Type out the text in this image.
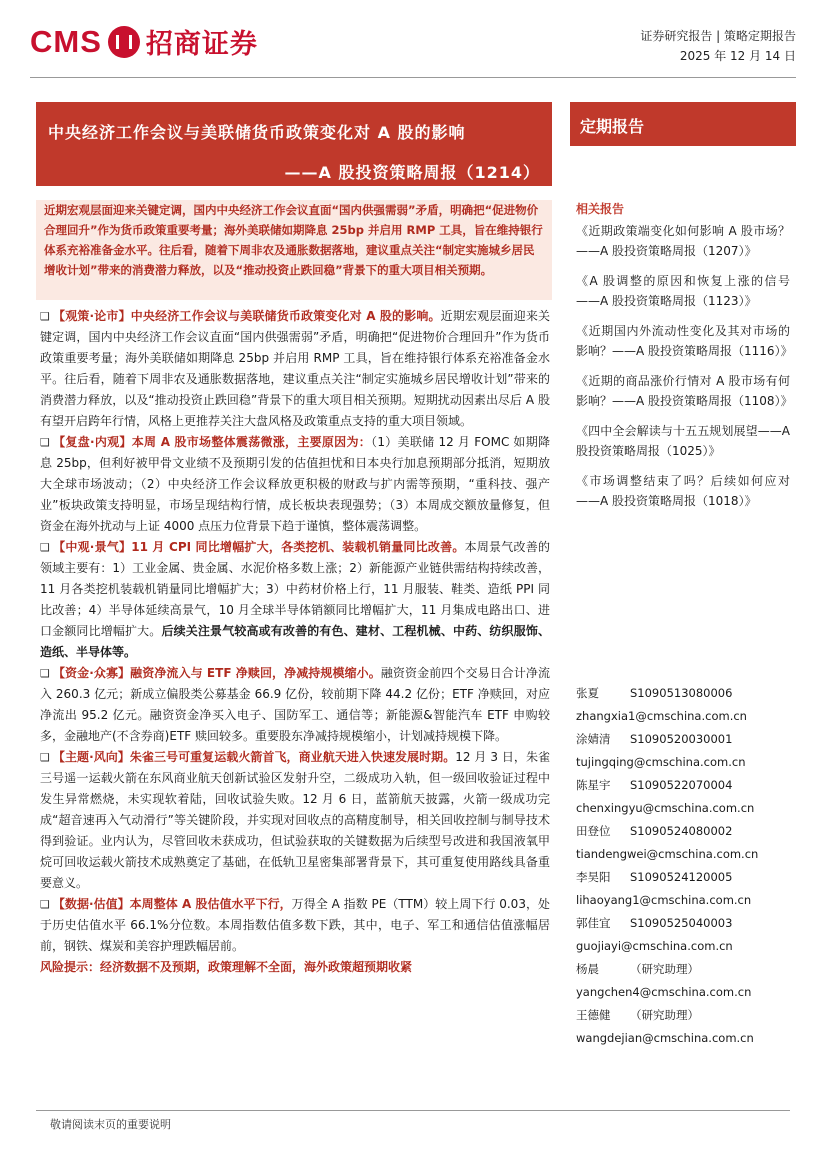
CMS 招商证券	证券研究报告 | 策略定期报告
2025 年 12 月 14 日
中央经济工作会议与美联储货币政策变化对 A 股的影响
——A 股投资策略周报（1214）
定期报告
近期宏观层面迎来关键定调，国内中央经济工作会议直面“国内供强需弱”矛盾，明确把“促进物价合理回升”作为货币政策重要考量；海外美联储如期降息 25bp 并启用 RMP 工具，旨在维持银行体系充裕准备金水平。往后看，随着下周非农及通胀数据落地，建议重点关注“制定实施城乡居民增收计划”带来的消费潜力释放，以及“推动投资止跌回稳”背景下的重大项目相关预期。
❑ 【观策·论市】中央经济工作会议与美联储货币政策变化对 A 股的影响。近期宏观层面迎来关键定调，国内中央经济工作会议直面“国内供强需弱”矛盾，明确把“促进物价合理回升”作为货币政策重要考量；海外美联储如期降息 25bp 并启用 RMP 工具，旨在维持银行体系充裕准备金水平。往后看，随着下周非农及通胀数据落地，建议重点关注“制定实施城乡居民增收计划”带来的消费潜力释放，以及“推动投资止跌回稳”背景下的重大项目相关预期。短期扰动因素出尽后 A 股有望开启跨年行情，风格上更推荐关注大盘风格及政策重点支持的重大项目领域。
❑ 【复盘·内观】本周 A 股市场整体震荡微涨，主要原因为：（1）美联储 12 月 FOMC 如期降息 25bp，但利好被甲骨文业绩不及预期引发的估值担忧和日本央行加息预期部分抵消，短期放大全球市场波动；（2）中央经济工作会议释放更积极的财政与扩内需等预期，“重科技、强产业”板块政策支持明显，市场呈现结构行情，成长板块表现强势；（3）本周成交额放量修复，但资金在海外扰动与上证 4000 点压力位背景下趋于谨慎，整体震荡调整。
❑ 【中观·景气】11 月 CPI 同比增幅扩大，各类挖机、装载机销量同比改善。本周景气改善的领域主要有：1）工业金属、贵金属、水泥价格多数上涨；2）新能源产业链供需结构持续改善，11 月各类挖机装载机销量同比增幅扩大；3）中药材价格上行，11 月服装、鞋类、造纸 PPI 同比改善；4）半导体延续高景气，10 月全球半导体销额同比增幅扩大，11 月集成电路出口、进口金额同比增幅扩大。后续关注景气较高或有改善的有色、建材、工程机械、中药、纺织服饰、造纸、半导体等。
❑ 【资金·众寡】融资净流入与 ETF 净赎回，净减持规模缩小。融资资金前四个交易日合计净流入 260.3 亿元；新成立偏股类公募基金 66.9 亿份，较前期下降 44.2 亿份；ETF 净赎回，对应净流出 95.2 亿元。融资资金净买入电子、国防军工、通信等；新能源&智能汽车 ETF 申购较多，金融地产(不含券商)ETF 赎回较多。重要股东净减持规模缩小，计划减持规模下降。
❑ 【主题·风向】朱雀三号可重复运载火箭首飞，商业航天进入快速发展时期。12 月 3 日，朱雀三号遥一运载火箭在东风商业航天创新试验区发射升空，二级成功入轨，但一级回收验证过程中发生异常燃烧，未实现软着陆，回收试验失败。12 月 6 日，蓝箭航天披露，火箭一级成功完成“超音速再入气动滑行”等关键阶段，并实现对回收点的高精度制导，相关回收控制与制导技术得到验证。业内认为，尽管回收未获成功，但试验获取的关键数据为后续型号改进和我国液氧甲烷可回收运载火箭技术成熟奠定了基础，在低轨卫星密集部署背景下，其可重复使用路线具备重要意义。
❑ 【数据·估值】本周整体 A 股估值水平下行，万得全 A 指数 PE（TTM）较上周下行 0.03，处于历史估值水平 66.1%分位数。本周指数估值多数下跌，其中，电子、军工和通信估值涨幅居前，钢铁、煤炭和美容护理跌幅居前。
风险提示：经济数据不及预期，政策理解不全面，海外政策超预期收紧
相关报告
《近期政策端变化如何影响 A 股市场？——A 股投资策略周报（1207）》
《A 股调整的原因和恢复上涨的信号——A 股投资策略周报（1123）》
《近期国内外流动性变化及其对市场的影响？——A 股投资策略周报（1116）》
《近期的商品涨价行情对 A 股市场有何影响？——A 股投资策略周报（1108）》
《四中全会解读与十五五规划展望——A 股投资策略周报（1025）》
《市场调整结束了吗？后续如何应对——A 股投资策略周报（1018）》
张夏	S1090513080006
zhangxia1@cmschina.com.cn
涂婧清 S1090520030001
tujingqing@cmschina.com.cn
陈星宇 S1090522070004
chenxingyu@cmschina.com.cn
田登位 S1090524080002
tiandengwei@cmschina.com.cn
李昊阳 S1090524120005
lihaoyang1@cmschina.com.cn
郭佳宜 S1090525040003
guojiayi@cmschina.com.cn
杨晨	（研究助理）
yangchen4@cmschina.com.cn
王德健 （研究助理）
wangdejian@cmschina.com.cn
敬请阅读末页的重要说明
